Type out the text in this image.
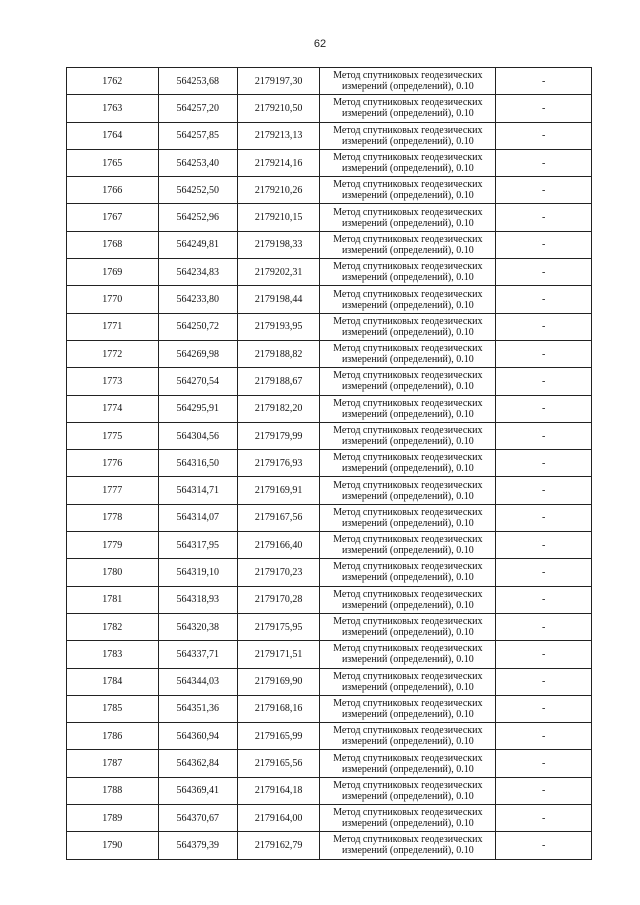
62
1762	564253,68	2179197,30	Метод спутниковых геодезических измерений (определений), 0.10	-
1763	564257,20	2179210,50	Метод спутниковых геодезических измерений (определений), 0.10	-
1764	564257,85	2179213,13	Метод спутниковых геодезических измерений (определений), 0.10	-
1765	564253,40	2179214,16	Метод спутниковых геодезических измерений (определений), 0.10	-
1766	564252,50	2179210,26	Метод спутниковых геодезических измерений (определений), 0.10	-
1767	564252,96	2179210,15	Метод спутниковых геодезических измерений (определений), 0.10	-
1768	564249,81	2179198,33	Метод спутниковых геодезических измерений (определений), 0.10	-
1769	564234,83	2179202,31	Метод спутниковых геодезических измерений (определений), 0.10	-
1770	564233,80	2179198,44	Метод спутниковых геодезических измерений (определений), 0.10	-
1771	564250,72	2179193,95	Метод спутниковых геодезических измерений (определений), 0.10	-
1772	564269,98	2179188,82	Метод спутниковых геодезических измерений (определений), 0.10	-
1773	564270,54	2179188,67	Метод спутниковых геодезических измерений (определений), 0.10	-
1774	564295,91	2179182,20	Метод спутниковых геодезических измерений (определений), 0.10	-
1775	564304,56	2179179,99	Метод спутниковых геодезических измерений (определений), 0.10	-
1776	564316,50	2179176,93	Метод спутниковых геодезических измерений (определений), 0.10	-
1777	564314,71	2179169,91	Метод спутниковых геодезических измерений (определений), 0.10	-
1778	564314,07	2179167,56	Метод спутниковых геодезических измерений (определений), 0.10	-
1779	564317,95	2179166,40	Метод спутниковых геодезических измерений (определений), 0.10	-
1780	564319,10	2179170,23	Метод спутниковых геодезических измерений (определений), 0.10	-
1781	564318,93	2179170,28	Метод спутниковых геодезических измерений (определений), 0.10	-
1782	564320,38	2179175,95	Метод спутниковых геодезических измерений (определений), 0.10	-
1783	564337,71	2179171,51	Метод спутниковых геодезических измерений (определений), 0.10	-
1784	564344,03	2179169,90	Метод спутниковых геодезических измерений (определений), 0.10	-
1785	564351,36	2179168,16	Метод спутниковых геодезических измерений (определений), 0.10	-
1786	564360,94	2179165,99	Метод спутниковых геодезических измерений (определений), 0.10	-
1787	564362,84	2179165,56	Метод спутниковых геодезических измерений (определений), 0.10	-
1788	564369,41	2179164,18	Метод спутниковых геодезических измерений (определений), 0.10	-
1789	564370,67	2179164,00	Метод спутниковых геодезических измерений (определений), 0.10	-
1790	564379,39	2179162,79	Метод спутниковых геодезических измерений (определений), 0.10	-
